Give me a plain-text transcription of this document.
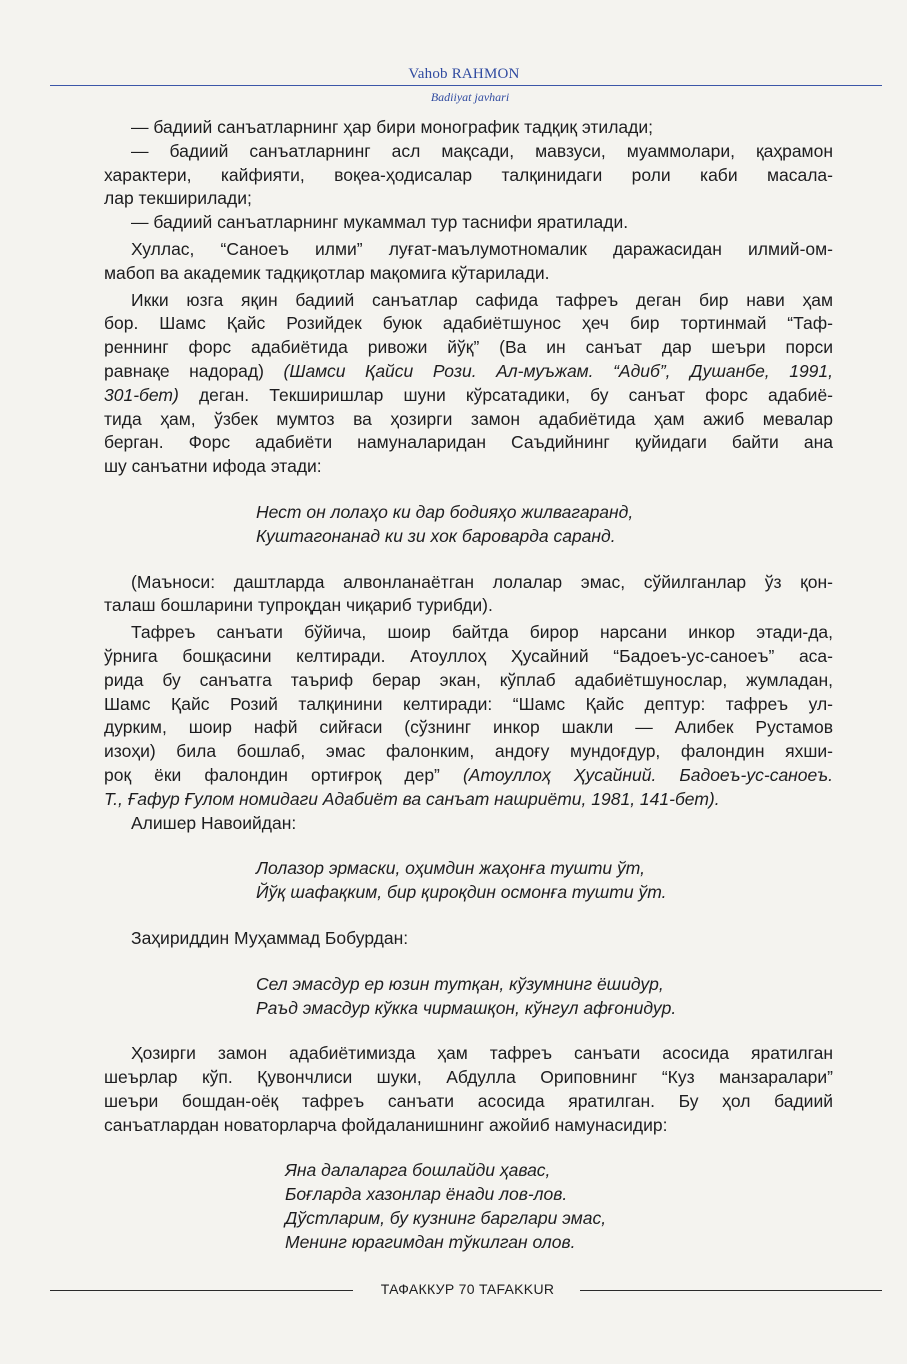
Vahob RAHMON
Badiiyat javhari

— бадиий санъатларнинг ҳар бири монографик тадқиқ этилади;

— бадиий санъатларнинг асл мақсади, мавзуси, муаммолари, қаҳрамон

характери, кайфияти, воқеа-ҳодисалар талқинидаги роли каби масала-

лар текширилади;

— бадиий санъатларнинг мукаммал тур таснифи яратилади.

Хуллас, “Саноеъ илми” луғат-маълумотномалик даражасидан илмий-ом-

мабоп ва академик тадқиқотлар мақомига кўтарилади.

Икки юзга яқин бадиий санъатлар сафида тафреъ деган бир нави ҳам

бор. Шамс Қайс Розийдек буюк адабиётшунос ҳеч бир тортинмай “Таф-

реннинг форс адабиётида ривожи йўқ” (Ва ин санъат дар шеъри порси

равнақе надорад) (Шамси Қайси Рози. Ал-муъжам. “Адиб”, Душанбе, 1991,

301-бет) деган. Текширишлар шуни кўрсатадики, бу санъат форс адабиё-

тида ҳам, ўзбек мумтоз ва ҳозирги замон адабиётида ҳам ажиб мевалар

берган. Форс адабиёти намуналаридан Саъдийнинг қуйидаги байти ана

шу санъатни ифода этади:

Нест он лолаҳо ки дар бодияҳо жилвагаранд,

Куштагонанад ки зи хок баровардa саранд.

(Маъноси: даштларда алвонланаётган лолалар эмас, сўйилганлар ўз қон-

талаш бошларини тупроқдан чиқариб турибди).

Тафреъ санъати бўйича, шоир байтда бирор нарсани инкор этади-да,

ўрнига бошқасини келтиради. Атоуллоҳ Ҳусайний “Бадоеъ-ус-саноеъ” аса-

рида бу санъатга таъриф берар экан, кўплаб адабиётшунослар, жумладан,

Шамс Қайс Розий талқинини келтиради: “Шамс Қайс дептур: тафреъ ул-

дурким, шоир нафй сийғаси (сўзнинг инкор шакли — Алибек Рустамов

изоҳи) била бошлаб, эмас фалонким, андоғу мундоғдур, фалондин яхши-

роқ ёки фалондин ортиғроқ дер” (Атоуллоҳ Ҳусайний. Бадоеъ-ус-саноеъ.

Т., Ғафур Ғулом номидаги Адабиёт ва санъат нашриёти, 1981, 141-бет).

Алишер Навоийдан:

Лолазор эрмаски, оҳимдин жаҳонға тушти ўт,

Йўқ шафақким, бир қироқдин осмонға тушти ўт.

Заҳириддин Муҳаммад Бобурдан:

Сел эмасдур ер юзин тутқан, кўзумнинг ёшидур,

Раъд эмасдур кўкка чирмашқон, кўнгул афғонидур.

Ҳозирги замон адабиётимизда ҳам тафреъ санъати асосида яратилган

шеърлар кўп. Қувончлиси шуки, Абдулла Ориповнинг “Куз манзаралари”

шеъри бошдан-оёқ тафреъ санъати асосида яратилган. Бу ҳол бадиий

санъатлардан новаторларча фойдаланишнинг ажойиб намунасидир:

Яна далаларга бошлайди ҳавас,

Боғларда хазонлар ёнади лов-лов.

Дўстларим, бу кузнинг барглари эмас,

Менинг юрагимдан тўкилган олов.

ТАФАККУР 70 TAFAKKUR
